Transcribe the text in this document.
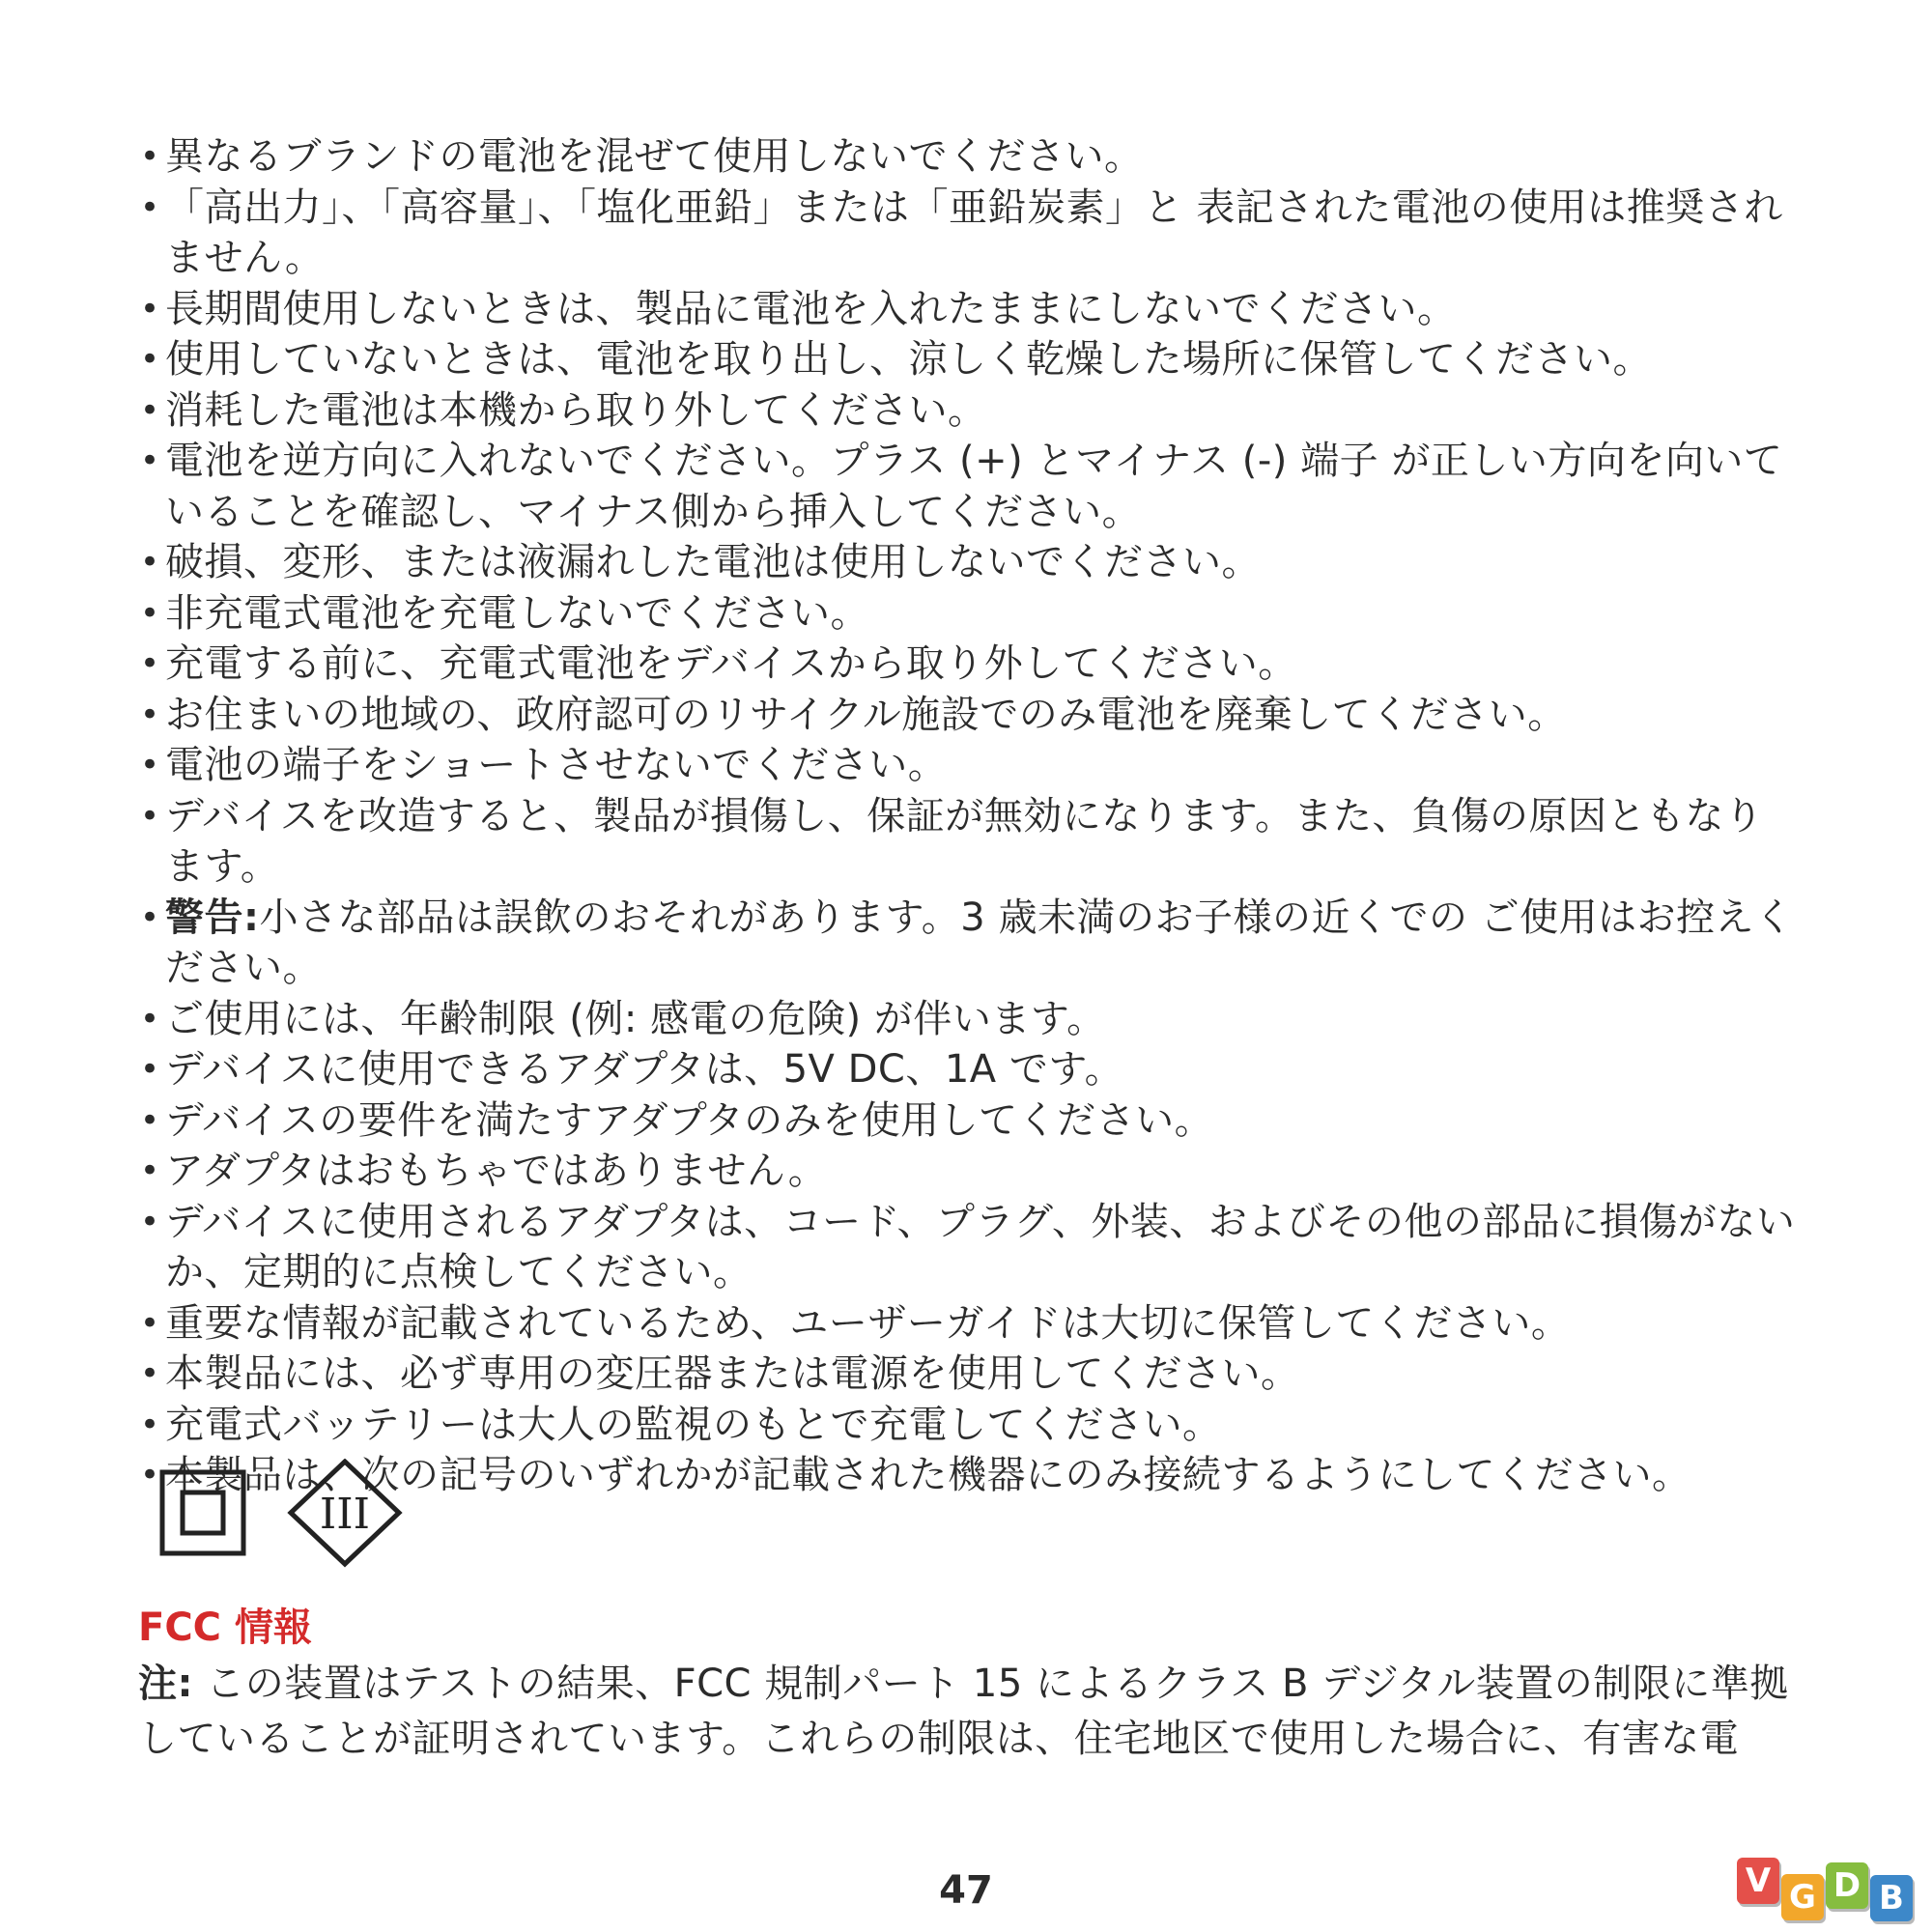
• 異なるブランドの電池を混ぜて使用しないでください。
• 「高出力」、「高容量」、「塩化亜鉛」または「亜鉛炭素」と 表記された電池の使用は推奨されません。
• 長期間使用しないときは、製品に電池を入れたままにしないでください。
• 使用していないときは、電池を取り出し、涼しく乾燥した場所に保管してください。
• 消耗した電池は本機から取り外してください。
• 電池を逆方向に入れないでください。プラス (+) とマイナス (-) 端子 が正しい方向を向いていることを確認し、マイナス側から挿入してください。
• 破損、変形、または液漏れした電池は使用しないでください。
• 非充電式電池を充電しないでください。
• 充電する前に、充電式電池をデバイスから取り外してください。
• お住まいの地域の、政府認可のリサイクル施設でのみ電池を廃棄してください。
• 電池の端子をショートさせないでください。
• デバイスを改造すると、製品が損傷し、保証が無効になります。また、負傷の原因ともなります。
• 警告:小さな部品は誤飲のおそれがあります。3 歳未満のお子様の近くでの ご使用はお控えください。
• ご使用には、年齢制限 (例: 感電の危険) が伴います。
• デバイスに使用できるアダプタは、5V DC、1A です。
• デバイスの要件を満たすアダプタのみを使用してください。
• アダプタはおもちゃではありません。
• デバイスに使用されるアダプタは、コード、プラグ、外装、およびその他の部品に損傷がないか、定期的に点検してください。
• 重要な情報が記載されているため、ユーザーガイドは大切に保管してください。
• 本製品には、必ず専用の変圧器または電源を使用してください。
• 充電式バッテリーは大人の監視のもとで充電してください。
• 本製品は、次の記号のいずれかが記載された機器にのみ接続するようにしてください。
III
FCC 情報

注: この装置はテストの結果、FCC 規制パート 15 によるクラス B デジタル装置の制限に準拠していることが証明されています。これらの制限は、住宅地区で使用した場合に、有害な電

47	V G D B
